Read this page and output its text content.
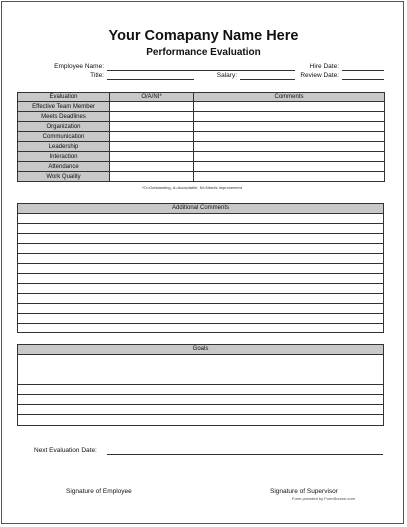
Your Comapany Name Here
Performance Evaluation
Employee Name:	Hire Date:
Title:	Salary:	Review Date:
Evaluation	O/A/NI*	Comments
Effective Team Member		
Meets Deadlines		
Organization		
Communication		
Leadership		
Interaction		
Attendance		
Work Quality		
*O=Outstanding, A=Acceptable, NI=Needs Improvement
Additional Comments
Goals
Next Evaluation Date:
Signature of Employee	Signature of Supervisor
Form provided by FormSource.com
